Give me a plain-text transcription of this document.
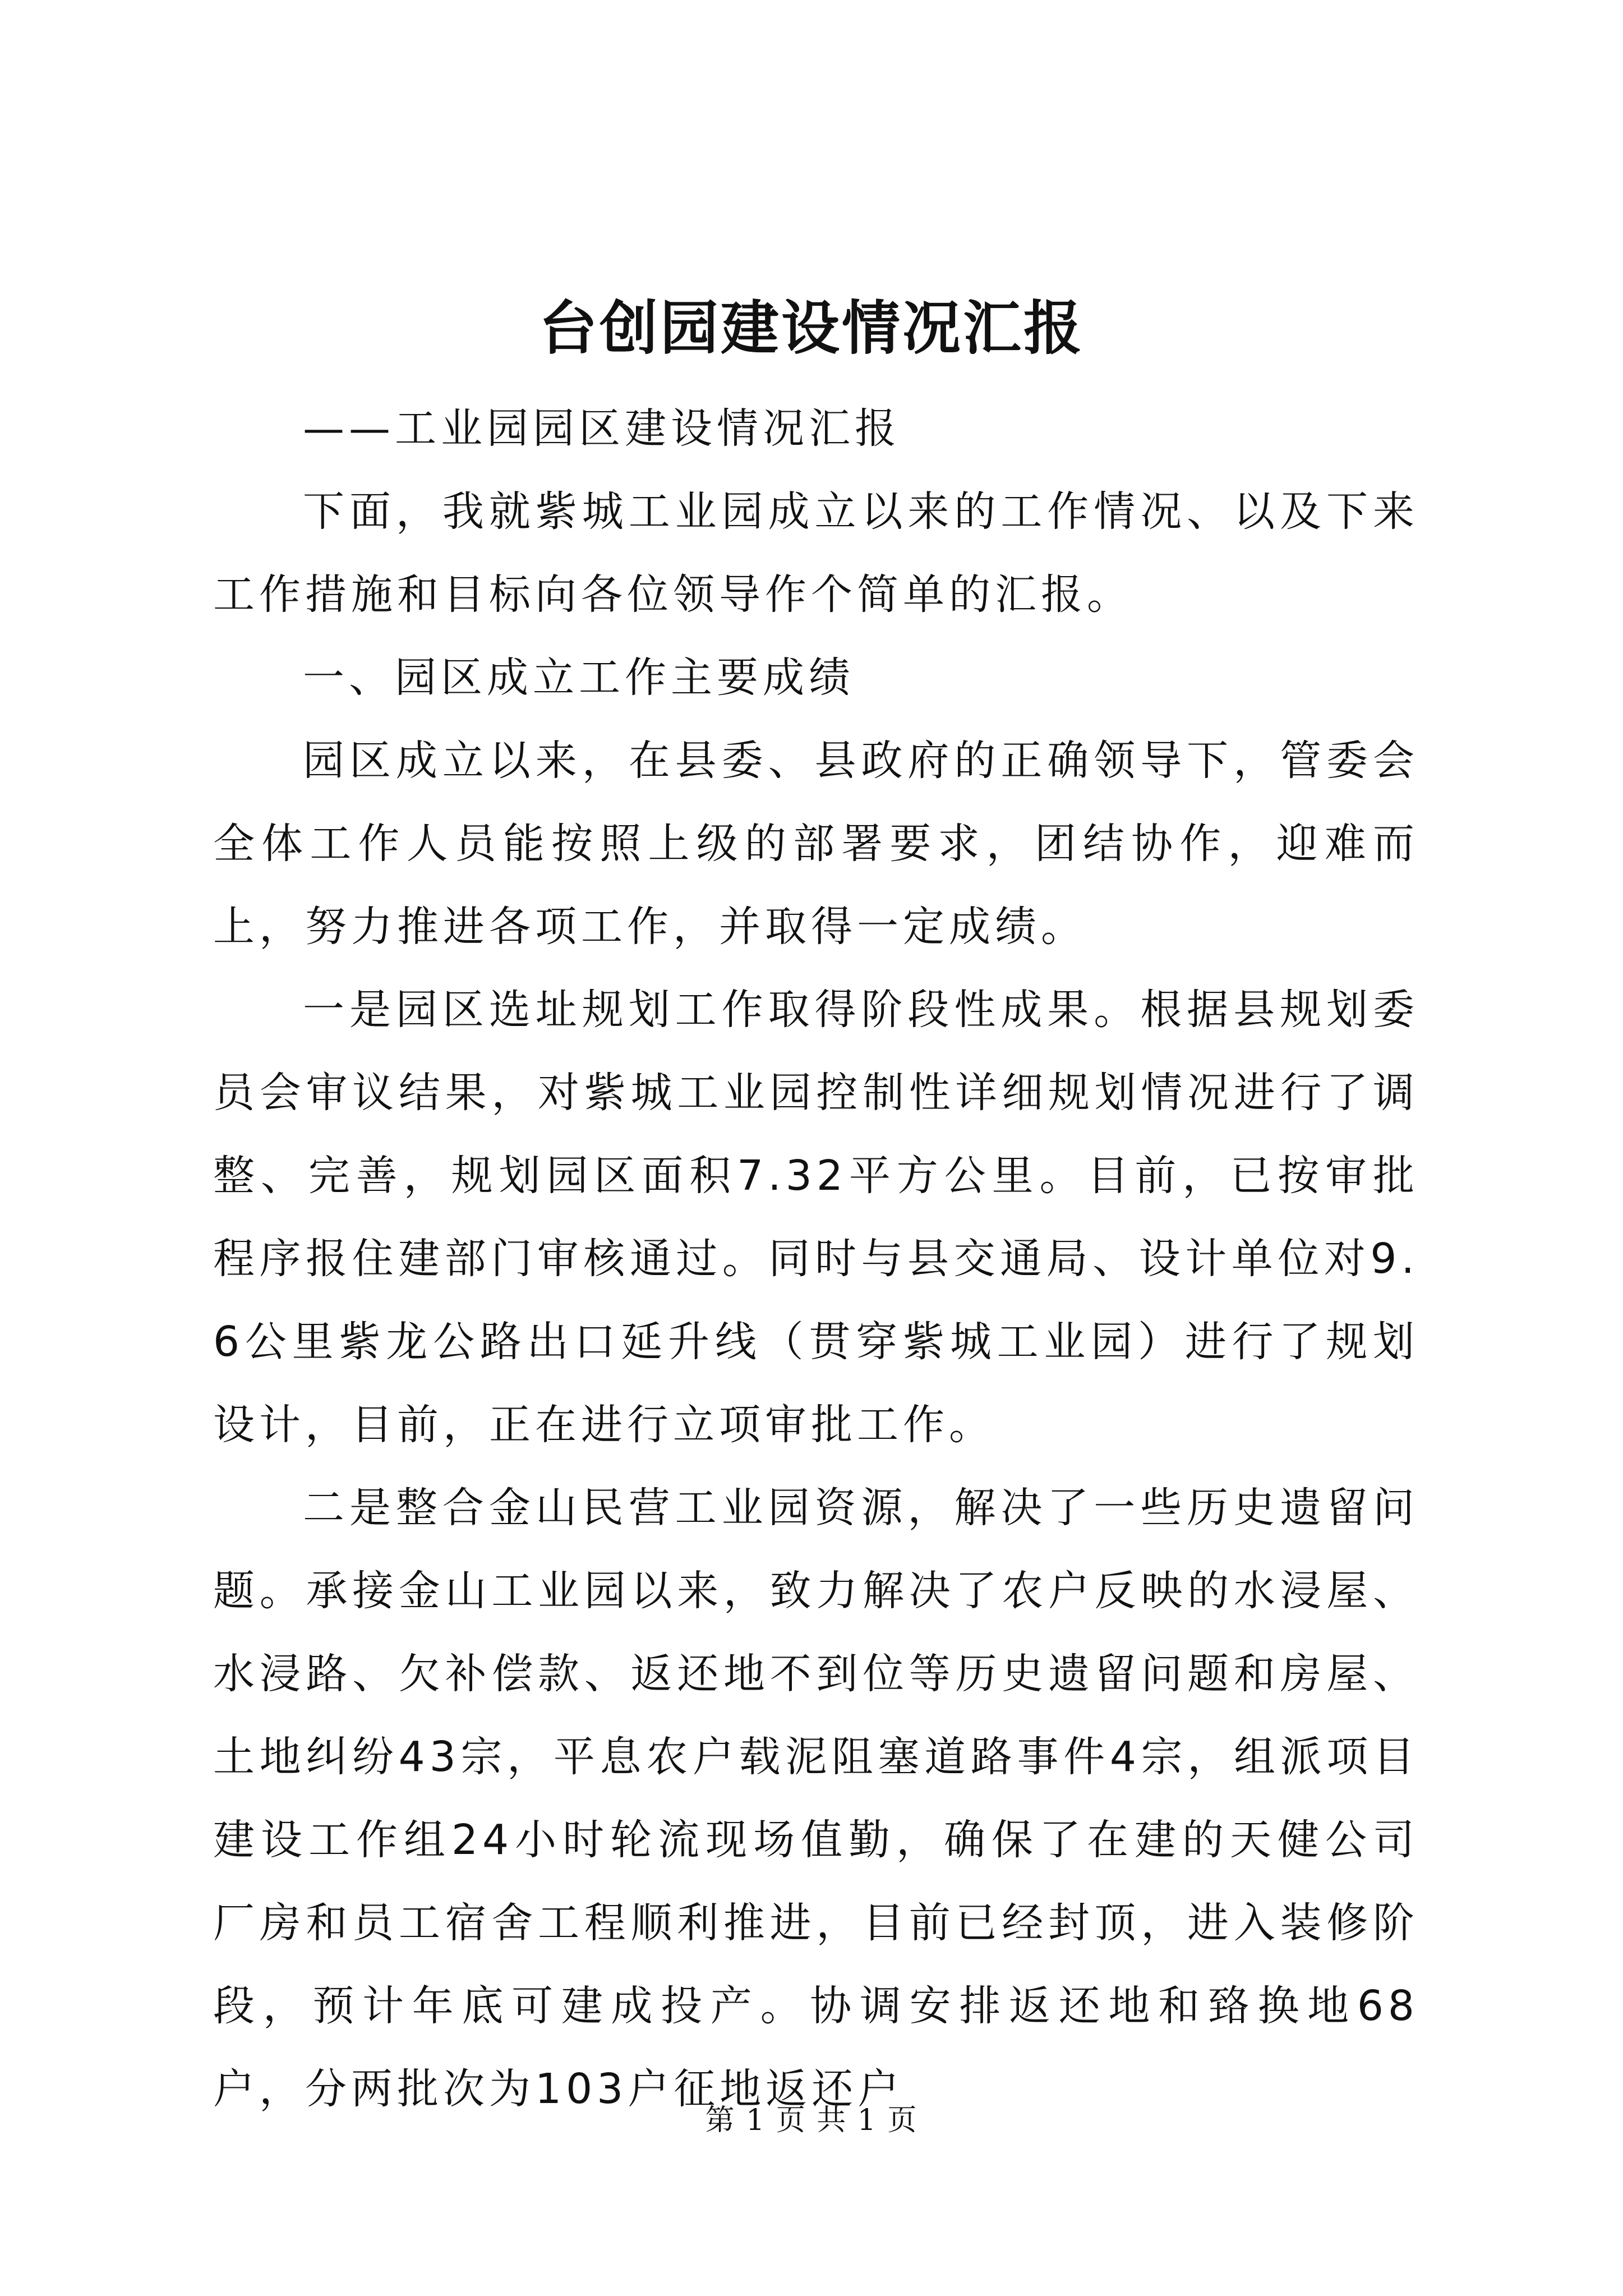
台创园建设情况汇报

——工业园园区建设情况汇报

下面，我就紫城工业园成立以来的工作情况、以及下来工作措施和目标向各位领导作个简单的汇报。

一、园区成立工作主要成绩

园区成立以来，在县委、县政府的正确领导下，管委会全体工作人员能按照上级的部署要求，团结协作，迎难而上，努力推进各项工作，并取得一定成绩。

一是园区选址规划工作取得阶段性成果。根据县规划委员会审议结果，对紫城工业园控制性详细规划情况进行了调整、完善，规划园区面积7.32平方公里。目前，已按审批程序报住建部门审核通过。同时与县交通局、设计单位对9.6公里紫龙公路出口延升线（贯穿紫城工业园）进行了规划设计，目前，正在进行立项审批工作。

二是整合金山民营工业园资源，解决了一些历史遗留问题。承接金山工业园以来，致力解决了农户反映的水浸屋、水浸路、欠补偿款、返还地不到位等历史遗留问题和房屋、土地纠纷43宗，平息农户载泥阻塞道路事件4宗，组派项目建设工作组24小时轮流现场值勤，确保了在建的天健公司厂房和员工宿舍工程顺利推进，目前已经封顶，进入装修阶段，预计年底可建成投产。协调安排返还地和臵换地68户，分两批次为103户征地返还户

第 1 页 共 1 页
